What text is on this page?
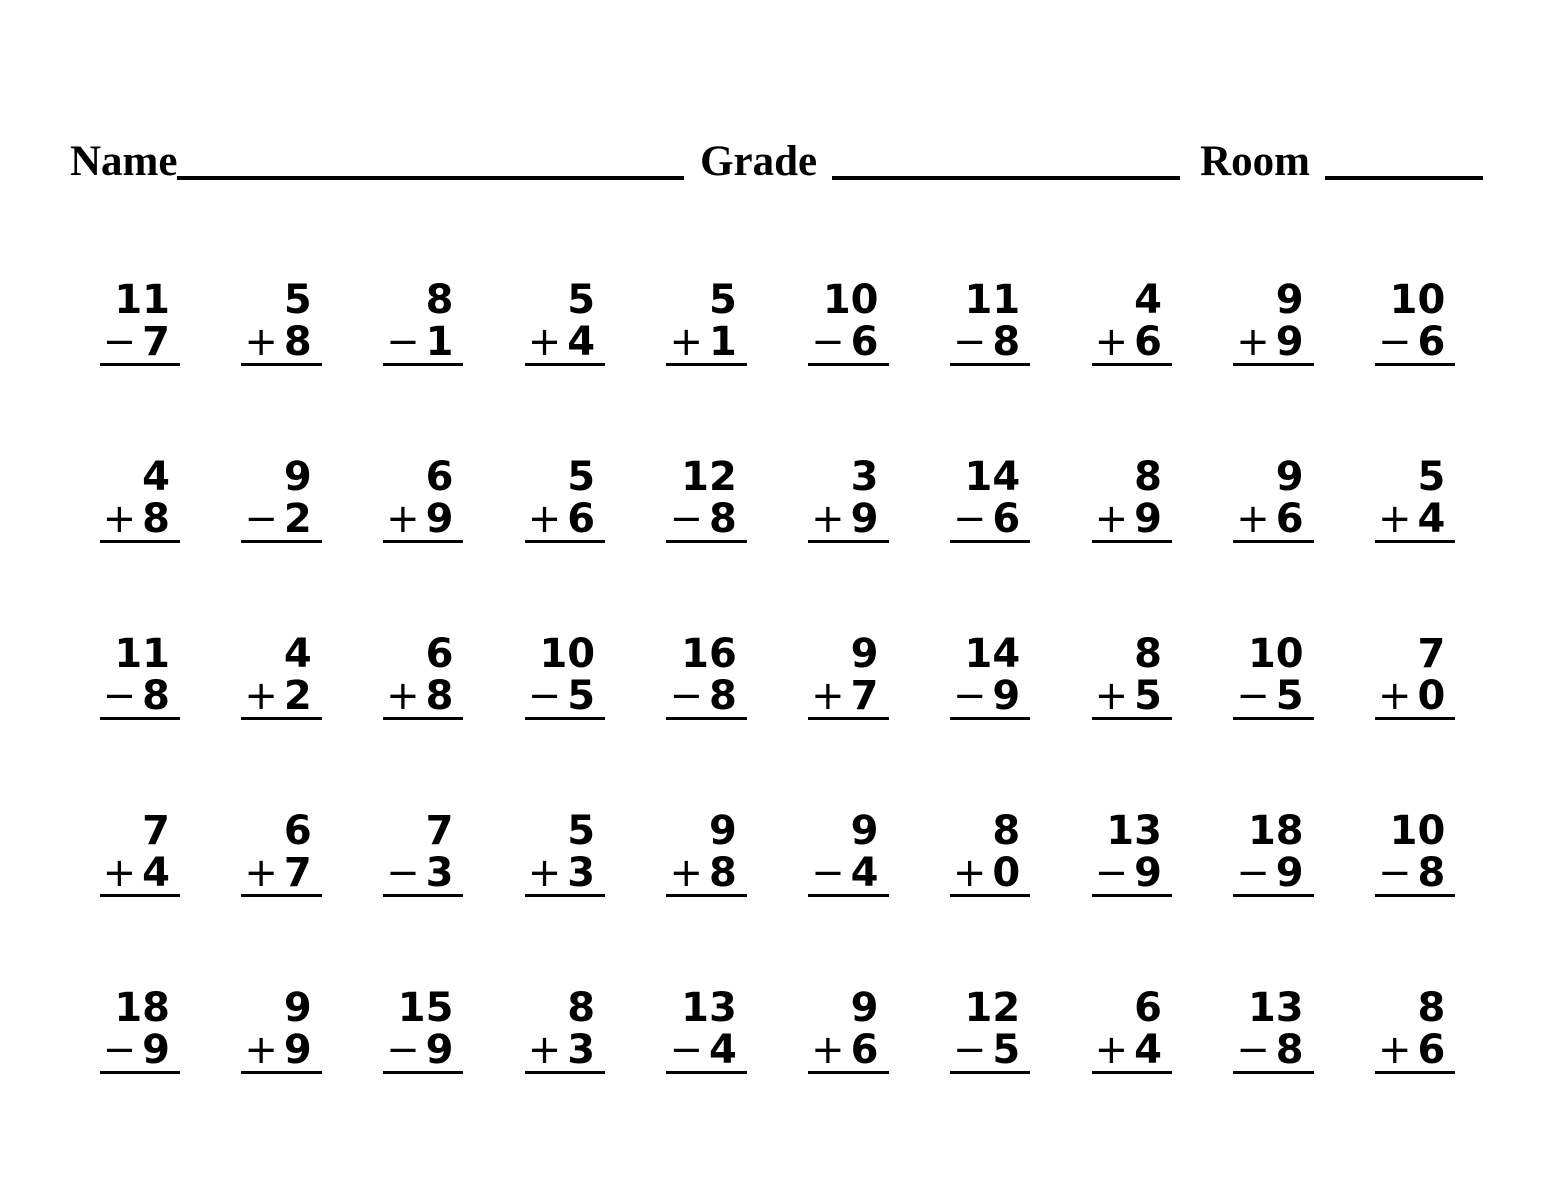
Name	Grade	Room
11
− 7
5
+ 8
8
− 1
5
+ 4
5
+ 1
10
− 6
11
− 8
4
+ 6
9
+ 9
10
− 6
4
+ 8
9
− 2
6
+ 9
5
+ 6
12
− 8
3
+ 9
14
− 6
8
+ 9
9
+ 6
5
+ 4
11
− 8
4
+ 2
6
+ 8
10
− 5
16
− 8
9
+ 7
14
− 9
8
+ 5
10
− 5
7
+ 0
7
+ 4
6
+ 7
7
− 3
5
+ 3
9
+ 8
9
− 4
8
+ 0
13
− 9
18
− 9
10
− 8
18
− 9
9
+ 9
15
− 9
8
+ 3
13
− 4
9
+ 6
12
− 5
6
+ 4
13
− 8
8
+ 6
